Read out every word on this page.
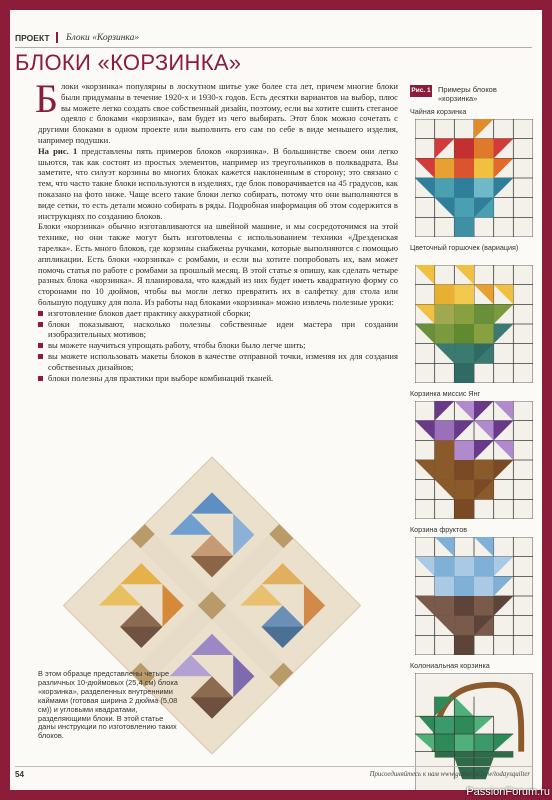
ПРОЕКТ Блоки «Корзинка»
БЛОКИ «КОРЗИНКА»

Блоки «корзинка» популярны в лоскутном шитье уже более ста лет, причем многие блоки были придуманы в течение 1920-х и 1930-х годов. Есть десятки вариантов на выбор, плюс вы можете легко создать свое собственный дизайн, поэтому, если вы хотите сшить стеганое одеяло с блоками «корзинка», вам будет из чего выбирать. Этот блок можно сочетать с другими блоками в одном проекте или выполнить его сам по себе в виде меньшего изделия, например подушки.

На рис. 1 представлены пять примеров блоков «корзинка». В большинстве своем они легко шьются, так как состоят из простых элементов, например из треугольников в полквадрата. Вы заметите, что силуэт корзины во многих блоках кажется наклоненным в сторону; это связано с тем, что часто такие блоки используются в изделиях, где блок поворачивается на 45 градусов, как показано на фото ниже. Чаще всего такие блоки легко собирать, потому что они выполняются в виде сетки, то есть детали можно собирать в ряды. Подробная информация об этом содержится в инструкциях по созданию блоков.

Блоки «корзинка» обычно изготавливаются на швейной машине, и мы сосредоточимся на этой технике, но они также могут быть изготовлены с использованием техники «Дрезденская тарелка». Есть много блоков, где корзины снабжены ручками, которые выполняются с помощью аппликации. Есть блоки «корзинка» с ромбами, и если вы хотите попробовать их, вам может помочь статья по работе с ромбами за прошлый месяц. В этой статье я опишу, как сделать четыре разных блока «корзинка». Я планировала, что каждый из них будет иметь квадратную форму со сторонами по 10 дюймов, чтобы вы могли легко превратить их в салфетку для стола или большую подушку для пола. Из работы над блоками «корзинка» можно извлечь полезные уроки:

изготовление блоков дает практику аккуратной сборки;
блоки показывают, насколько полезны собственные идеи мастера при создании изобразительных мотивов;
вы можете научиться упрощать работу, чтобы блоки было легче шить;
вы можете использовать макеты блоков в качестве отправной точки, изменяя их для создания собственных дизайнов;
блоки полезны для практики при выборе комбинаций тканей.
Рис. 1 Примеры блоков «корзинка»
Чайная корзинка
Цветочный горшочек (вариация)
Корзинка миссис Янг
Корзина фруктов
Колониальная корзинка
В этом образце представлены четыре различных 10-дюймовых (25,4 см) блока «корзинка», разделенных внутренними каймами (готовая ширина 2 дюйма (5,08 см)) и угловыми квадратами, разделяющими блоки. В этой статье даны инструкции по изготовлению таких блоков.
54	Присоединяйтесь к нам www.gathered.how/todaysquilter
PassionForum.ru
